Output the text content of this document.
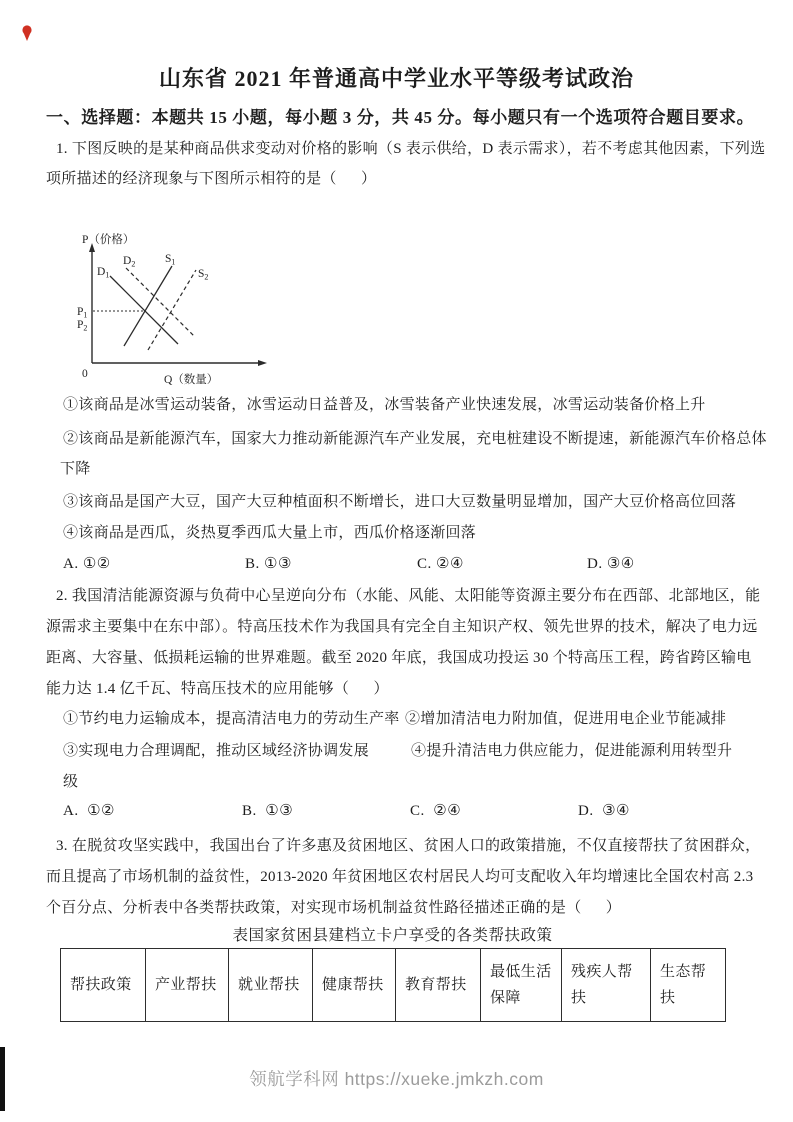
山东省 2021 年普通高中学业水平等级考试政治
一、选择题：本题共 15 小题，每小题 3 分，共 45 分。每小题只有一个选项符合题目要求。
1. 下图反映的是某种商品供求变动对价格的影响（S 表示供给，D 表示需求），若不考虑其他因素，下列选
项所描述的经济现象与下图所示相符的是（      ）

P（价格）
Q（数量）
0
$D_1$
$D_2$	$S_1$
$S_2$
$P_1$
$P_2$

①该商品是冰雪运动装备，冰雪运动日益普及，冰雪装备产业快速发展，冰雪运动装备价格上升
②该商品是新能源汽车，国家大力推动新能源汽车产业发展，充电桩建设不断提速，新能源汽车价格总体
下降
③该商品是国产大豆，国产大豆种植面积不断增长，进口大豆数量明显增加，国产大豆价格高位回落
④该商品是西瓜，炎热夏季西瓜大量上市，西瓜价格逐渐回落
A. ①②	B. ①③	C. ②④	D. ③④
2. 我国清洁能源资源与负荷中心呈逆向分布（水能、风能、太阳能等资源主要分布在西部、北部地区，能
源需求主要集中在东中部）。特高压技术作为我国具有完全自主知识产权、领先世界的技术，解决了电力远
距离、大容量、低损耗运输的世界难题。截至 2020 年底，我国成功投运 30 个特高压工程，跨省跨区输电
能力达 1.4 亿千瓦、特高压技术的应用能够（      ）
①节约电力运输成本，提高清洁电力的劳动生产率 ②增加清洁电力附加值，促进用电企业节能减排
③实现电力合理调配，推动区域经济协调发展	④提升清洁电力供应能力，促进能源利用转型升
级
A.  ①②	B.  ①③	C.  ②④	D.  ③④
3. 在脱贫攻坚实践中，我国出台了许多惠及贫困地区、贫困人口的政策措施，不仅直接帮扶了贫困群众，
而且提高了市场机制的益贫性，2013-2020 年贫困地区农村居民人均可支配收入年均增速比全国农村高 2.3
个百分点、分析表中各类帮扶政策，对实现市场机制益贫性路径描述正确的是（      ）
表国家贫困县建档立卡户享受的各类帮扶政策
帮扶政策	产业帮扶	就业帮扶	健康帮扶	教育帮扶	最低生活保障	残疾人帮扶	生态帮扶
领航学科网 https://xueke.jmkzh.com
